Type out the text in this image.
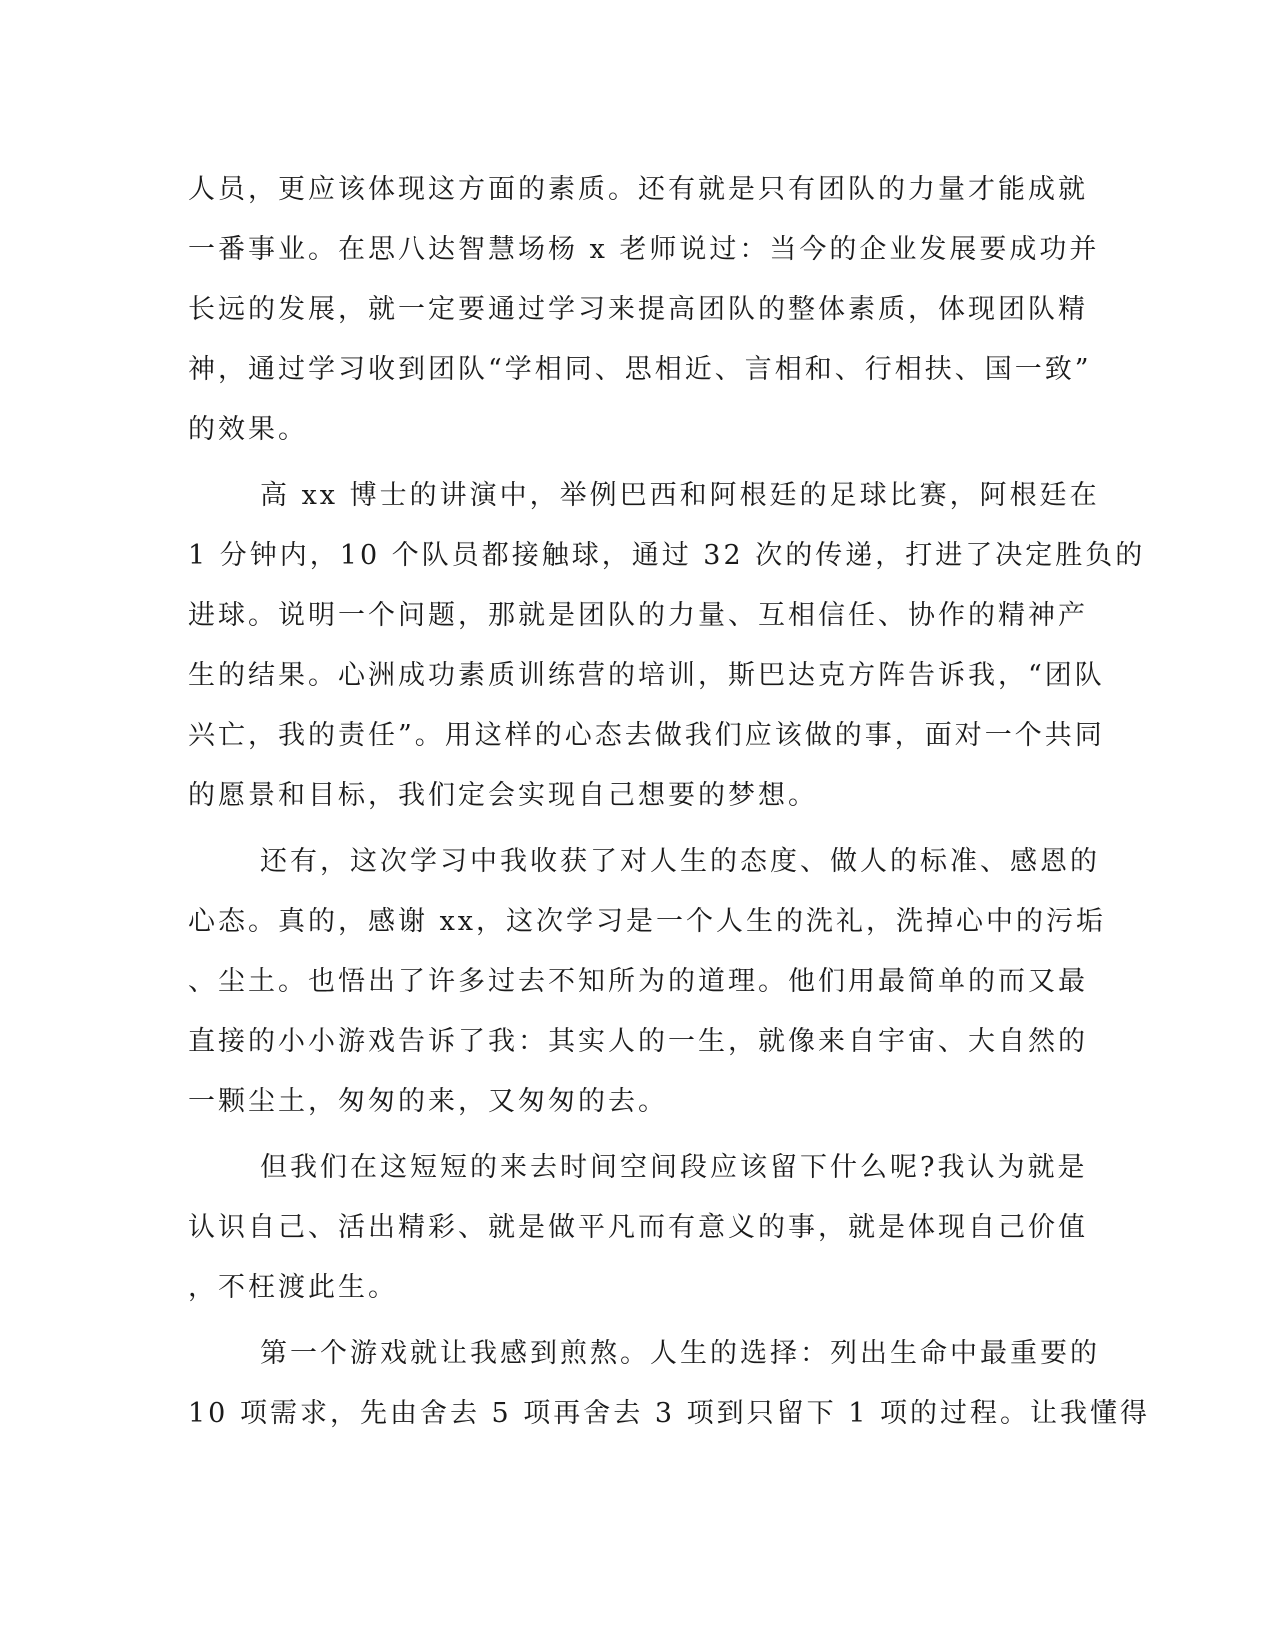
人员，更应该体现这方面的素质。还有就是只有团队的力量才能成就
一番事业。在思八达智慧场杨 x 老师说过：当今的企业发展要成功并
长远的发展，就一定要通过学习来提高团队的整体素质，体现团队精
神，通过学习收到团队“学相同、思相近、言相和、行相扶、国一致”
的效果。
高 xx 博士的讲演中，举例巴西和阿根廷的足球比赛，阿根廷在
1 分钟内，10 个队员都接触球，通过 32 次的传递，打进了决定胜负的
进球。说明一个问题，那就是团队的力量、互相信任、协作的精神产
生的结果。心洲成功素质训练营的培训，斯巴达克方阵告诉我，“团队
兴亡，我的责任”。用这样的心态去做我们应该做的事，面对一个共同
的愿景和目标，我们定会实现自己想要的梦想。
还有，这次学习中我收获了对人生的态度、做人的标准、感恩的
心态。真的，感谢 xx，这次学习是一个人生的洗礼，洗掉心中的污垢
、尘土。也悟出了许多过去不知所为的道理。他们用最简单的而又最
直接的小小游戏告诉了我：其实人的一生，就像来自宇宙、大自然的
一颗尘土，匆匆的来，又匆匆的去。
但我们在这短短的来去时间空间段应该留下什么呢?我认为就是
认识自己、活出精彩、就是做平凡而有意义的事，就是体现自己价值
，不枉渡此生。
第一个游戏就让我感到煎熬。人生的选择：列出生命中最重要的
10 项需求，先由舍去 5 项再舍去 3 项到只留下 1 项的过程。让我懂得
